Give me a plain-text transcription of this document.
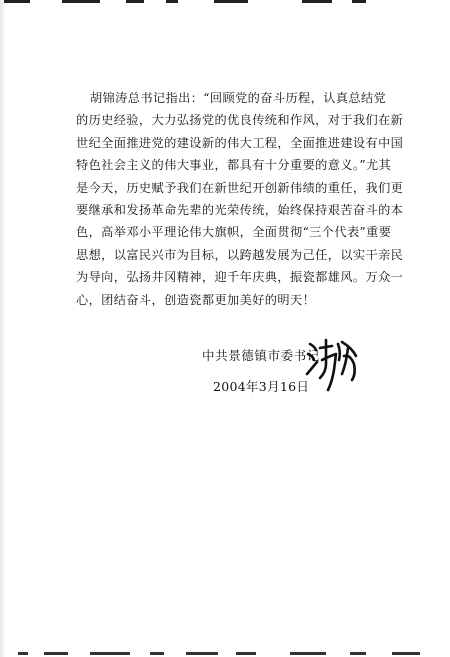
胡锦涛总书记指出：“回顾党的奋斗历程，认真总结党
的历史经验，大力弘扬党的优良传统和作风，对于我们在新
世纪全面推进党的建设新的伟大工程，全面推进建设有中国
特色社会主义的伟大事业，都具有十分重要的意义。”尤其
是今天，历史赋予我们在新世纪开创新伟绩的重任，我们更
要继承和发扬革命先辈的光荣传统，始终保持艰苦奋斗的本
色，高举邓小平理论伟大旗帜，全面贯彻“三个代表”重要
思想，以富民兴市为目标，以跨越发展为己任，以实干亲民
为导向，弘扬井冈精神，迎千年庆典，振瓷都雄风。万众一
心，团结奋斗，创造瓷都更加美好的明天！
中共景德镇市委书记
2004年3月16日
